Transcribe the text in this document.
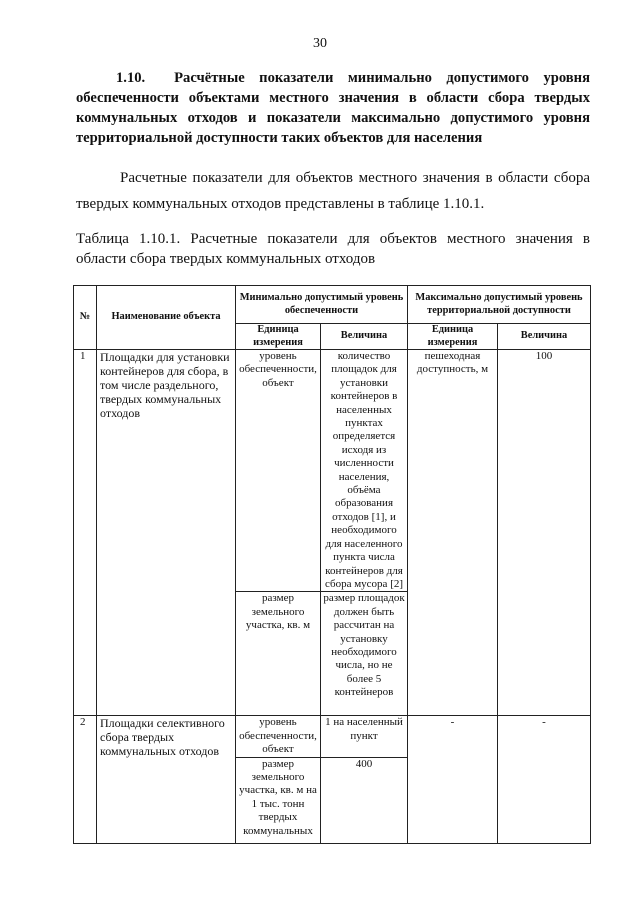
30
1.10. Расчётные показатели минимально допустимого уровня обеспеченности объектами местного значения в области сбора твердых коммунальных отходов и показатели максимально допустимого уровня территориальной доступности таких объектов для населения
Расчетные показатели для объектов местного значения в области сбора твердых коммунальных отходов представлены в таблице 1.10.1.
Таблица 1.10.1. Расчетные показатели для объектов местного значения в области сбора твердых коммунальных отходов
№	Наименование объекта	Минимально допустимый уровень обеспеченности		Максимально допустимый уровень территориальной доступности	
		Единица измерения	Величина	Единица измерения	Величина
1	Площадки для установки контейнеров для сбора, в том числе раздельного, твердых коммунальных отходов	уровень обеспеченности, объект	количество площадок для установки контейнеров в населенных пунктах определяется исходя из численности населения, объёма образования отходов [1], и необходимого для населенного пункта числа контейнеров для сбора мусора [2]	пешеходная доступность, м	100
		размер земельного участка, кв. м	размер площадок должен быть рассчитан на установку необходимого числа, но не более 5 контейнеров		
2	Площадки селективного сбора твердых коммунальных отходов	уровень обеспеченности, объект	1 на населенный пункт	-	-
		размер земельного участка, кв. м на 1 тыс. тонн твердых коммунальных	400		
